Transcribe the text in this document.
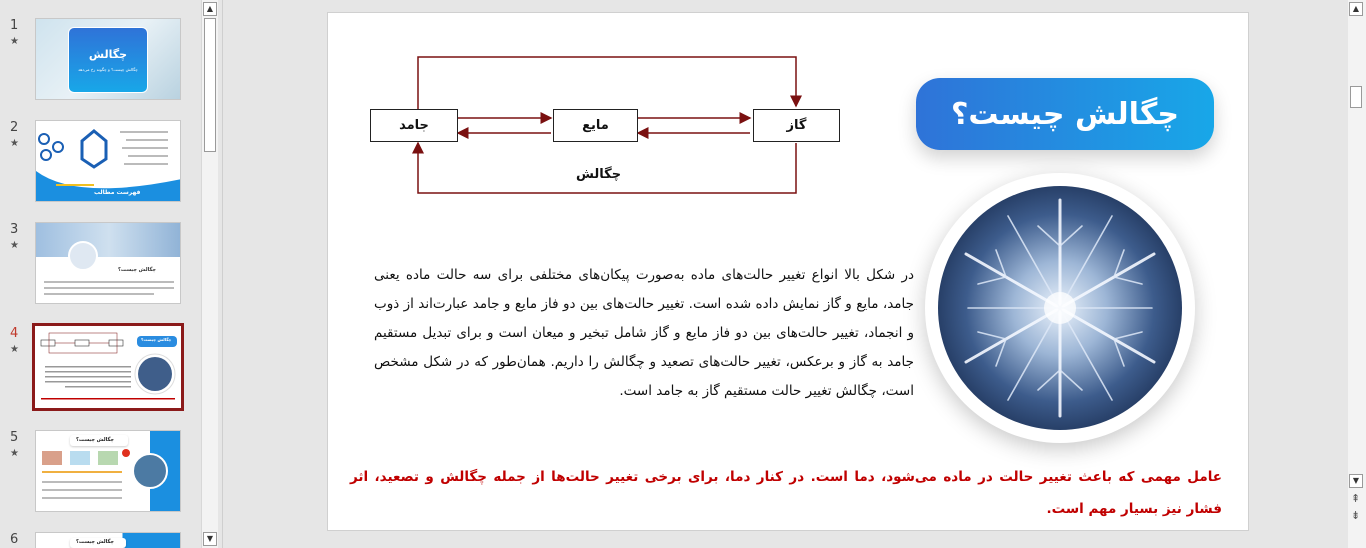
1
★
چگالش
چگالش چیست؟ و چگونه رخ می‌دهد
2
★
فهرست مطالب
3
★
چگالش چیست؟
4
★
چگالش چیست؟
5
★
چگالش چیست؟
6	چگالش چیست؟
▲
▼
جامد	مایع	گاز
چگالش
چگالش چیست؟

در شکل بالا انواع تغییر حالت‌های ماده به‌صورت پیکان‌های مختلفی برای سه حالت ماده یعنی جامد، مایع و گاز نمایش داده شده است. تغییر حالت‌های بین دو فاز مایع و جامد عبارت‌اند از ذوب و انجماد، تغییر حالت‌های بین دو فاز مایع و گاز شامل تبخیر و میعان است و برای تبدیل مستقیم جامد به گاز و برعکس، تغییر حالت‌های تصعید و چگالش را داریم. همان‌طور که در شکل مشخص است، چگالش تغییر حالت مستقیم گاز به جامد است.

عامل مهمی که باعث تغییر حالت در ماده می‌شود، دما است. در کنار دما، برای برخی تغییر حالت‌ها از جمله چگالش و تصعید، اثر فشار نیز بسیار مهم است.

▲
▼
⇞
⇟
